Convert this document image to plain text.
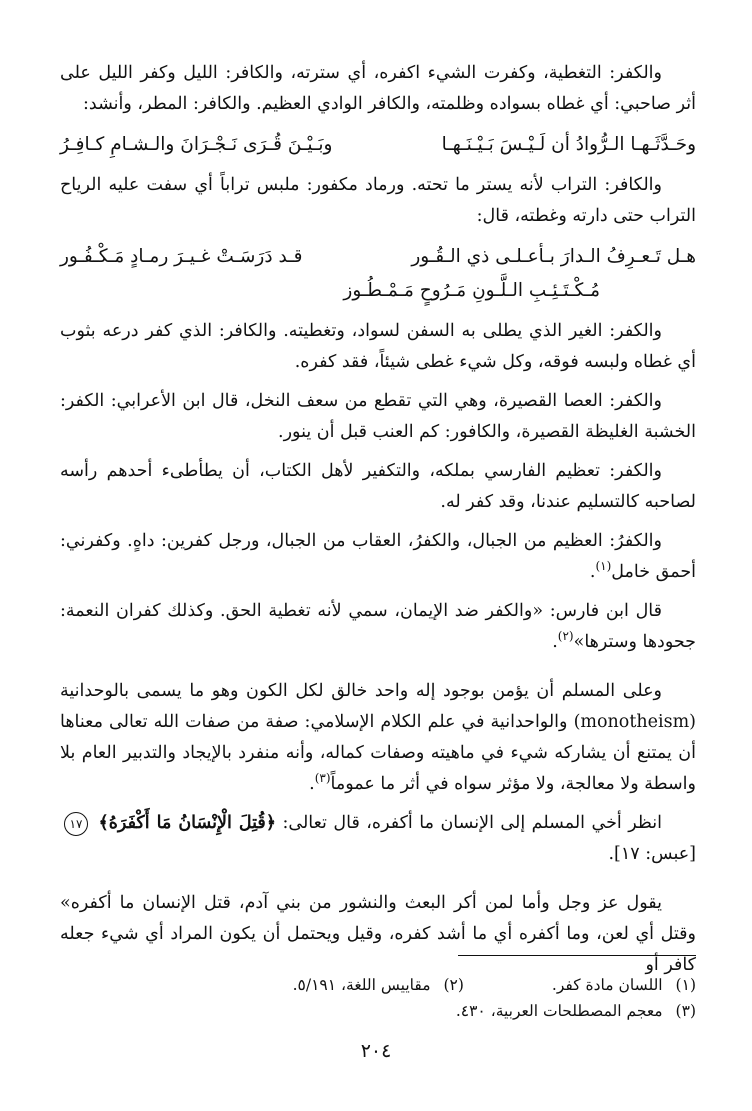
والكفر: التغطية، وكفرت الشيء اكفره، أي سترته، والكافر: الليل وكفر الليل على أثر صاحبي: أي غطاه بسواده وظلمته، والكافر الوادي العظيم. والكافر: المطر، وأنشد:

وحَـدَّثَـهـا الـرُّوادُ أن لَـيْـسَ بَـيْـنَـهـا
وبَـيْـنَ قُـرَى نَـجْـرَانَ والـشـامِ كـافِـرُ

والكافر: التراب لأنه يستر ما تحته. ورماد مكفور: ملبس تراباً أي سفت عليه الرياح التراب حتى دارته وغطته، قال:

هـل تَـعـرِفُ الـدارَ بـأعـلـى ذي الـقُـور
قـد دَرَسَـتْ غـيـرَ رمـادٍ مَـكْـفُـور
مُـكْـتَـئِـبِ الـلَّـونِ مَـرُوحٍ مَـمْـطُـوز

والكفر: الغير الذي يطلى به السفن لسواد، وتغطيته. والكافر: الذي كفر درعه بثوب أي غطاه ولبسه فوقه، وكل شيء غطى شيئاً، فقد كفره.

والكفر: العصا القصيرة، وهي التي تقطع من سعف النخل، قال ابن الأعرابي: الكفر: الخشبة الغليظة القصيرة، والكافور: كم العنب قبل أن ينور.

والكفر: تعظيم الفارسي بملكه، والتكفير لأهل الكتاب، أن يطأطىء أحدهم رأسه لصاحبه كالتسليم عندنا، وقد كفر له.

والكفرُ: العظيم من الجبال، والكفرُ، العقاب من الجبال، ورجل كفرين: داهٍ. وكفرني: أحمق خامل$^{(١)}$.

قال ابن فارس: «والكفر ضد الإيمان، سمي لأنه تغطية الحق. وكذلك كفران النعمة: جحودها وسترها»$^{(٢)}$.

وعلى المسلم أن يؤمن بوجود إله واحد خالق لكل الكون وهو ما يسمى بالوحدانية (monotheism) والواحدانية في علم الكلام الإسلامي: صفة من صفات الله تعالى معناها أن يمتنع أن يشاركه شيء في ماهيته وصفات كماله، وأنه منفرد بالإيجاد والتدبير العام بلا واسطة ولا معالجة، ولا مؤثر سواه في أثر ما عموماً$^{(٣)}$.

انظر أخي المسلم إلى الإنسان ما أكفره، قال تعالى: ﴿قُتِلَ الْإِنْسَانُ مَا أَكْفَرَهُ﴾ ١٧ [عبس: ١٧].

يقول عز وجل وأما لمن أكر البعث والنشور من بني آدم، قتل الإنسان ما أكفره» وقتل أي لعن، وما أكفره أي ما أشد كفره، وقيل ويحتمل أن يكون المراد أي شيء جعله كافر أو

(١) اللسان مادة كفر.
(٢) مقاييس اللغة، ٥/١٩١.
(٣) معجم المصطلحات العربية، ٤٣٠.
٢٠٤
